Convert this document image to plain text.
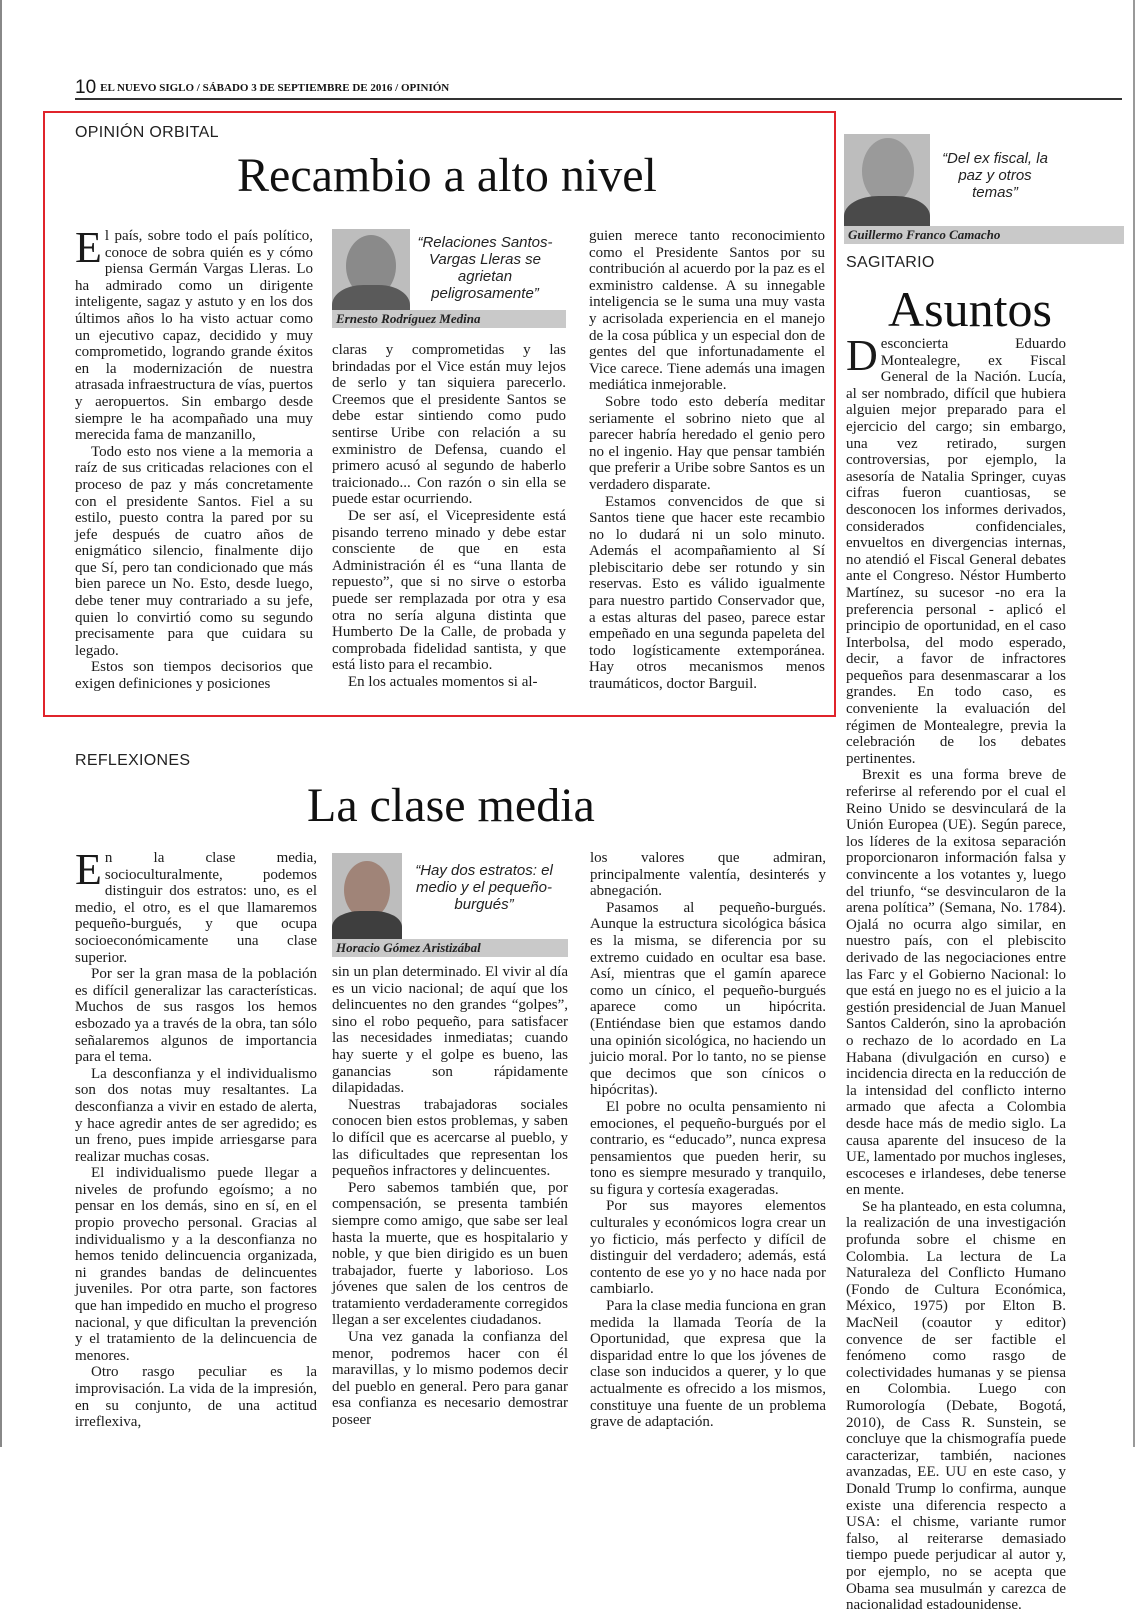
10 EL NUEVO SIGLO / SÁBADO 3 DE SEPTIEMBRE DE 2016 / OPINIÓN
OPINIÓN ORBITAL
Recambio a alto nivel
E l país, sobre todo el país político, conoce de sobra quién es y cómo piensa Germán Vargas Lleras. Lo ha admirado como un dirigente inteligente, sagaz y astuto y en los dos últimos años lo ha visto actuar como un ejecutivo capaz, decidido y muy comprometido, logrando grande éxitos en la modernización de nuestra atrasada infraestructura de vías, puertos y aeropuertos. Sin embargo desde siempre le ha acompañado una muy merecida fama de manzanillo,

Todo esto nos viene a la memoria a raíz de sus criticadas relaciones con el proceso de paz y más concretamente con el presidente Santos. Fiel a su estilo, puesto contra la pared por su jefe después de cuatro años de enigmático silencio, finalmente dijo que Sí, pero tan condicionado que más bien parece un No. Esto, desde luego, debe tener muy contrariado a su jefe, quien lo convirtió como su segundo precisamente para que cuidara su legado.

Estos son tiempos decisorios que exigen definiciones y posiciones

“Relaciones Santos-Vargas Lleras se agrietan peligrosamente”
Ernesto Rodríguez Medina

claras y comprometidas y las brindadas por el Vice están muy lejos de serlo y tan siquiera parecerlo. Creemos que el presidente Santos se debe estar sintiendo como pudo sentirse Uribe con relación a su exministro de Defensa, cuando el primero acusó al segundo de haberlo traicionado... Con razón o sin ella se puede estar ocurriendo.

De ser así, el Vicepresidente está pisando terreno minado y debe estar consciente de que en esta Administración él es “una llanta de repuesto”, que si no sirve o estorba puede ser remplazada por otra y esa otra no sería alguna distinta que Humberto De la Calle, de probada y comprobada fidelidad santista, y que está listo para el recambio.

En los actuales momentos si al-

guien merece tanto reconocimiento como el Presidente Santos por su contribución al acuerdo por la paz es el exministro caldense. A su innegable inteligencia se le suma una muy vasta y acrisolada experiencia en el manejo de la cosa pública y un especial don de gentes del que infortunadamente el Vice carece. Tiene además una imagen mediática inmejorable.

Sobre todo esto debería meditar seriamente el sobrino nieto que al parecer habría heredado el genio pero no el ingenio. Hay que pensar también que preferir a Uribe sobre Santos es un verdadero disparate.

Estamos convencidos de que si Santos tiene que hacer este recambio no lo dudará ni un solo minuto. Además el acompañamiento al Sí plebiscitario debe ser rotundo y sin reservas. Esto es válido igualmente para nuestro partido Conservador que, a estas alturas del paseo, parece estar empeñado en una segunda papeleta del todo logísticamente extemporánea. Hay otros mecanismos menos traumáticos, doctor Barguil.

“Del ex fiscal, la paz y otros temas”
Guillermo Franco Camacho
SAGITARIO
Asuntos
D esconcierta Eduardo Montealegre, ex Fiscal General de la Nación. Lucía, al ser nombrado, difícil que hubiera alguien mejor preparado para el ejercicio del cargo; sin embargo, una vez retirado, surgen controversias, por ejemplo, la asesoría de Natalia Springer, cuyas cifras fueron cuantiosas, se desconocen los informes derivados, considerados confidenciales, envueltos en divergencias internas, no atendió el Fiscal General debates ante el Congreso. Néstor Humberto Martínez, su sucesor -no era la preferencia personal - aplicó el principio de oportunidad, en el caso Interbolsa, del modo esperado, decir, a favor de infractores pequeños para desenmascarar a los grandes. En todo caso, es conveniente la evaluación del régimen de Montealegre, previa la celebración de los debates pertinentes.

Brexit es una forma breve de referirse al referendo por el cual el Reino Unido se desvinculará de la Unión Europea (UE). Según parece, los líderes de la exitosa separación proporcionaron información falsa y convincente a los votantes y, luego del triunfo, “se desvincularon de la arena política” (Semana, No. 1784). Ojalá no ocurra algo similar, en nuestro país, con el plebiscito derivado de las negociaciones entre las Farc y el Gobierno Nacional: lo que está en juego no es el juicio a la gestión presidencial de Juan Manuel Santos Calderón, sino la aprobación o rechazo de lo acordado en La Habana (divulgación en curso) e incidencia directa en la reducción de la intensidad del conflicto interno armado que afecta a Colombia desde hace más de medio siglo. La causa aparente del insuceso de la UE, lamentado por muchos ingleses, escoceses e irlandeses, debe tenerse en mente.

Se ha planteado, en esta columna, la realización de una investigación profunda sobre el chisme en Colombia. La lectura de La Naturaleza del Conflicto Humano (Fondo de Cultura Económica, México, 1975) por Elton B. MacNeil (coautor y editor) convence de ser factible el fenómeno como rasgo de colectividades humanas y se piensa en Colombia. Luego con Rumorología (Debate, Bogotá, 2010), de Cass R. Sunstein, se concluye que la chismografía puede caracterizar, también, naciones avanzadas, EE. UU en este caso, y Donald Trump lo confirma, aunque existe una diferencia respecto a USA: el chisme, variante rumor falso, al reiterarse demasiado tiempo puede perjudicar al autor y, por ejemplo, no se acepta que Obama sea musulmán y carezca de nacionalidad estadounidense.

REFLEXIONES
La clase media
E n la clase media, socioculturalmente, podemos distinguir dos estratos: uno, es el medio, el otro, es el que llamaremos pequeño-burgués, y que ocupa socioeconómicamente una clase superior.

Por ser la gran masa de la población es difícil generalizar las características. Muchos de sus rasgos los hemos esbozado ya a través de la obra, tan sólo señalaremos algunos de importancia para el tema.

La desconfianza y el individualismo son dos notas muy resaltantes. La desconfianza a vivir en estado de alerta, y hace agredir antes de ser agredido; es un freno, pues impide arriesgarse para realizar muchas cosas.

El individualismo puede llegar a niveles de profundo egoísmo; a no pensar en los demás, sino en sí, en el propio provecho personal. Gracias al individualismo y a la desconfianza no hemos tenido delincuencia organizada, ni grandes bandas de delincuentes juveniles. Por otra parte, son factores que han impedido en mucho el progreso nacional, y que dificultan la prevención y el tratamiento de la delincuencia de menores.

Otro rasgo peculiar es la improvisación. La vida de la impresión, en su conjunto, de una actitud irreflexiva,

“Hay dos estratos: el medio y el pequeño-burgués”
Horacio Gómez Aristizábal

sin un plan determinado. El vivir al día es un vicio nacional; de aquí que los delincuentes no den grandes “golpes”, sino el robo pequeño, para satisfacer las necesidades inmediatas; cuando hay suerte y el golpe es bueno, las ganancias son rápidamente dilapidadas.

Nuestras trabajadoras sociales conocen bien estos problemas, y saben lo difícil que es acercarse al pueblo, y las dificultades que representan los pequeños infractores y delincuentes.

Pero sabemos también que, por compensación, se presenta también siempre como amigo, que sabe ser leal hasta la muerte, que es hospitalario y noble, y que bien dirigido es un buen trabajador, fuerte y laborioso. Los jóvenes que salen de los centros de tratamiento verdaderamente corregidos llegan a ser excelentes ciudadanos.

Una vez ganada la confianza del menor, podremos hacer con él maravillas, y lo mismo podemos decir del pueblo en general. Pero para ganar esa confianza es necesario demostrar poseer

los valores que admiran, principalmente valentía, desinterés y abnegación.

Pasamos al pequeño-burgués. Aunque la estructura sicológica básica es la misma, se diferencia por su extremo cuidado en ocultar esa base. Así, mientras que el gamín aparece como un cínico, el pequeño-burgués aparece como un hipócrita. (Entiéndase bien que estamos dando una opinión sicológica, no haciendo un juicio moral. Por lo tanto, no se piense que decimos que son cínicos o hipócritas).

El pobre no oculta pensamiento ni emociones, el pequeño-burgués por el contrario, es “educado”, nunca expresa pensamientos que pueden herir, su tono es siempre mesurado y tranquilo, su figura y cortesía exageradas.

Por sus mayores elementos culturales y económicos logra crear un yo ficticio, más perfecto y difícil de distinguir del verdadero; además, está contento de ese yo y no hace nada por cambiarlo.

Para la clase media funciona en gran medida la llamada Teoría de la Oportunidad, que expresa que la disparidad entre lo que los jóvenes de clase son inducidos a querer, y lo que actualmente es ofrecido a los mismos, constituye una fuente de un problema grave de adaptación.
